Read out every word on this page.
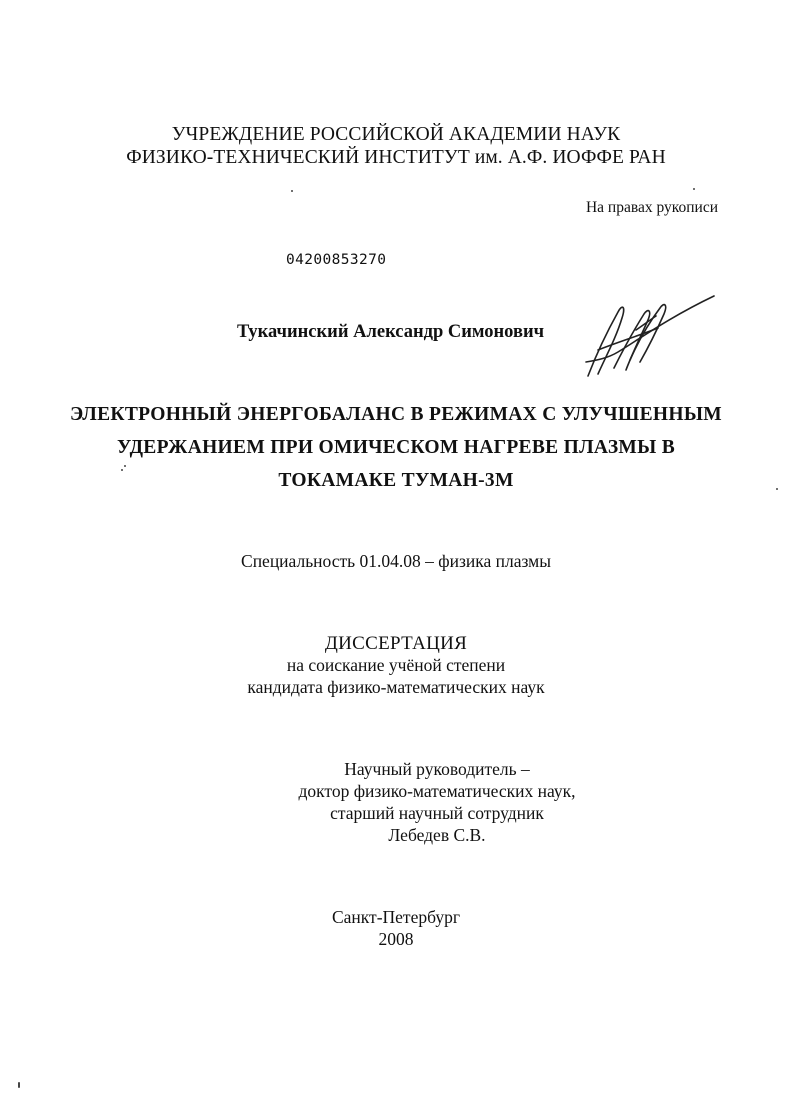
УЧРЕЖДЕНИЕ РОССИЙСКОЙ АКАДЕМИИ НАУК
ФИЗИКО-ТЕХНИЧЕСКИЙ ИНСТИТУТ им. А.Ф. ИОФФЕ РАН
На правах рукописи
04200853270
Тукачинский Александр Симонович
ЭЛЕКТРОННЫЙ ЭНЕРГОБАЛАНС В РЕЖИМАХ С УЛУЧШЕННЫМ
УДЕРЖАНИЕМ ПРИ ОМИЧЕСКОМ НАГРЕВЕ ПЛАЗМЫ В
ТОКАМАКЕ ТУМАН-3М
Специальность 01.04.08 – физика плазмы
ДИССЕРТАЦИЯ
на соискание учёной степени
кандидата физико-математических наук
Научный руководитель –
доктор физико-математических наук,
старший научный сотрудник
Лебедев С.В.
Санкт-Петербург
2008
